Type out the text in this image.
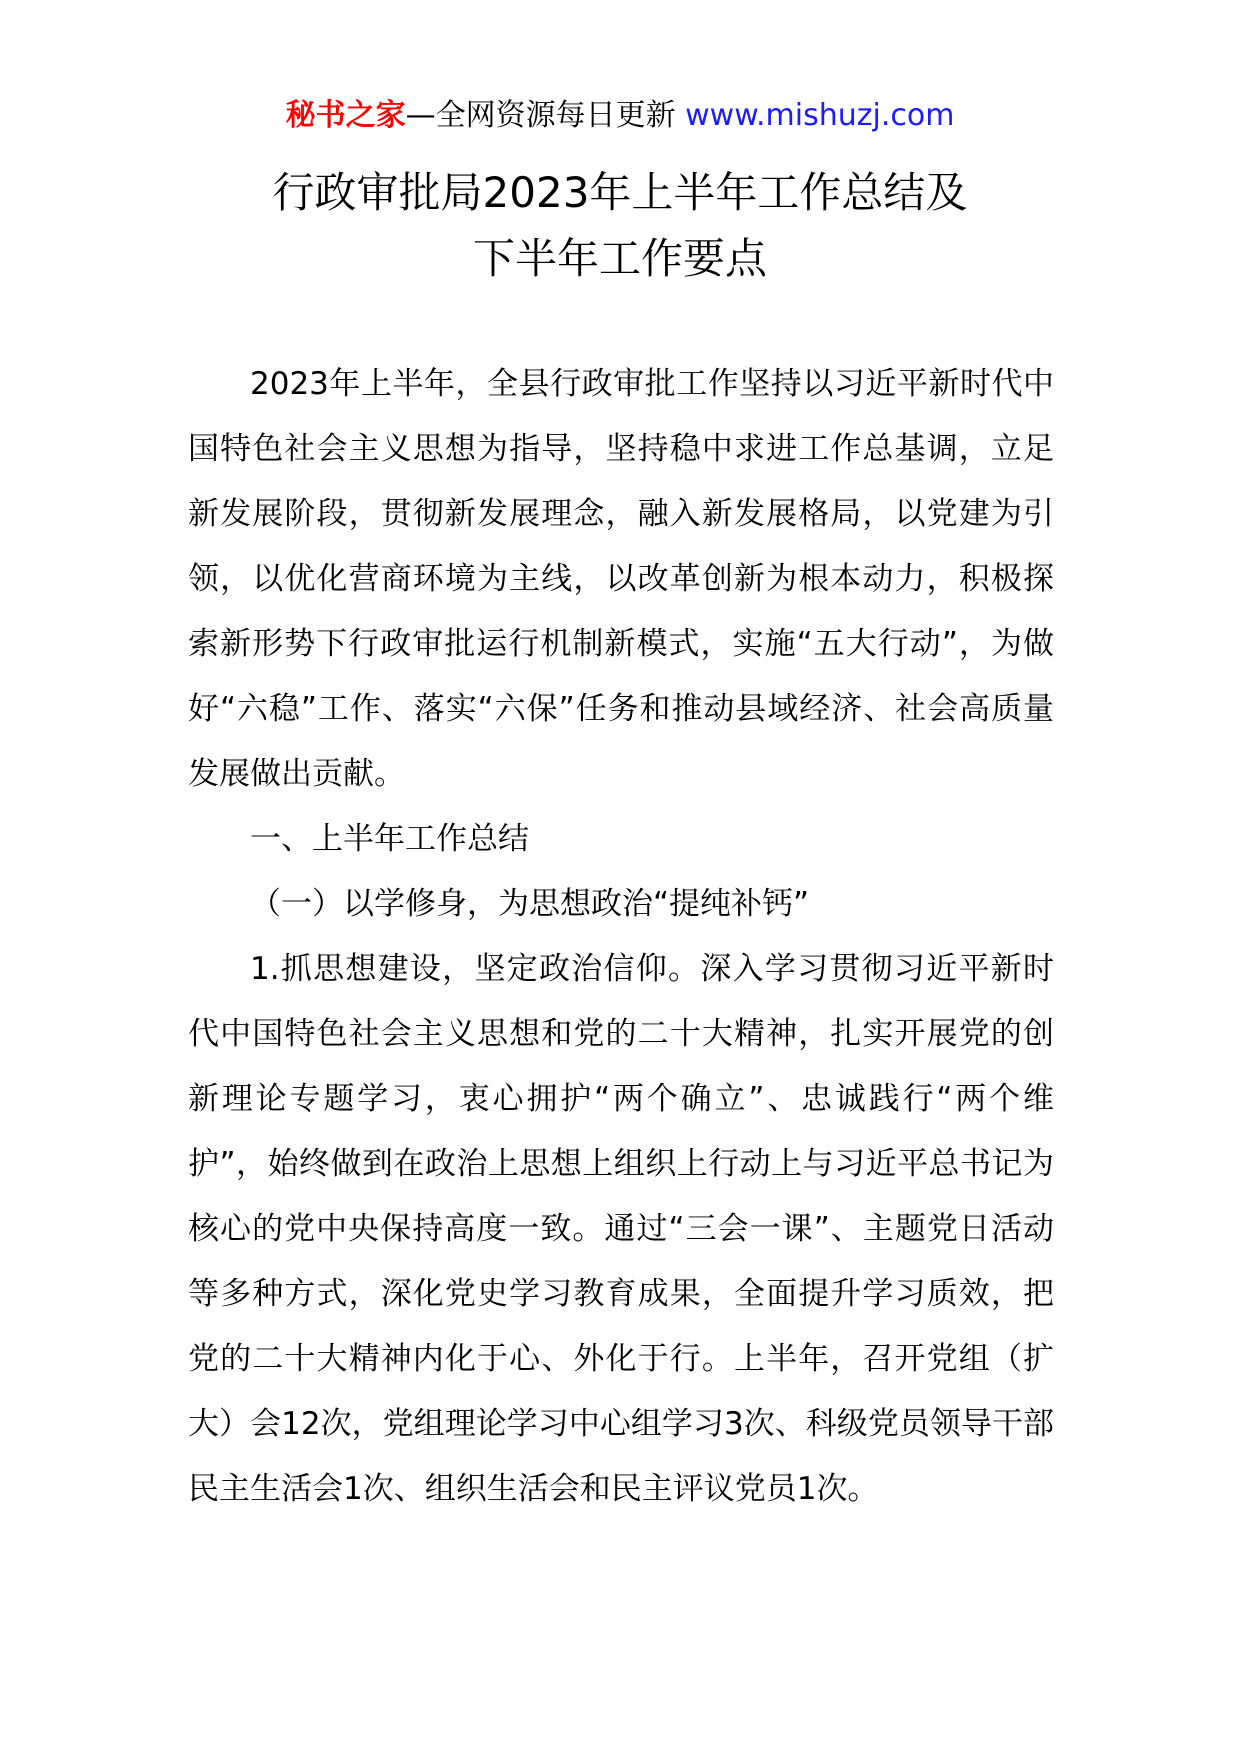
秘书之家—全网资源每日更新 www.mishuzj.com
行政审批局2023年上半年工作总结及
下半年工作要点

2023年上半年，全县行政审批工作坚持以习近平新时代中国特色社会主义思想为指导，坚持稳中求进工作总基调，立足新发展阶段，贯彻新发展理念，融入新发展格局，以党建为引领，以优化营商环境为主线，以改革创新为根本动力，积极探索新形势下行政审批运行机制新模式，实施“五大行动”，为做好“六稳”工作、落实“六保”任务和推动县域经济、社会高质量发展做出贡献。

一、上半年工作总结

（一）以学修身，为思想政治“提纯补钙”

1.抓思想建设，坚定政治信仰。深入学习贯彻习近平新时代中国特色社会主义思想和党的二十大精神，扎实开展党的创新理论专题学习，衷心拥护“两个确立”、忠诚践行“两个维护”，始终做到在政治上思想上组织上行动上与习近平总书记为核心的党中央保持高度一致。通过“三会一课”、主题党日活动等多种方式，深化党史学习教育成果，全面提升学习质效，把党的二十大精神内化于心、外化于行。上半年，召开党组（扩大）会12次，党组理论学习中心组学习3次、科级党员领导干部民主生活会1次、组织生活会和民主评议党员1次。
